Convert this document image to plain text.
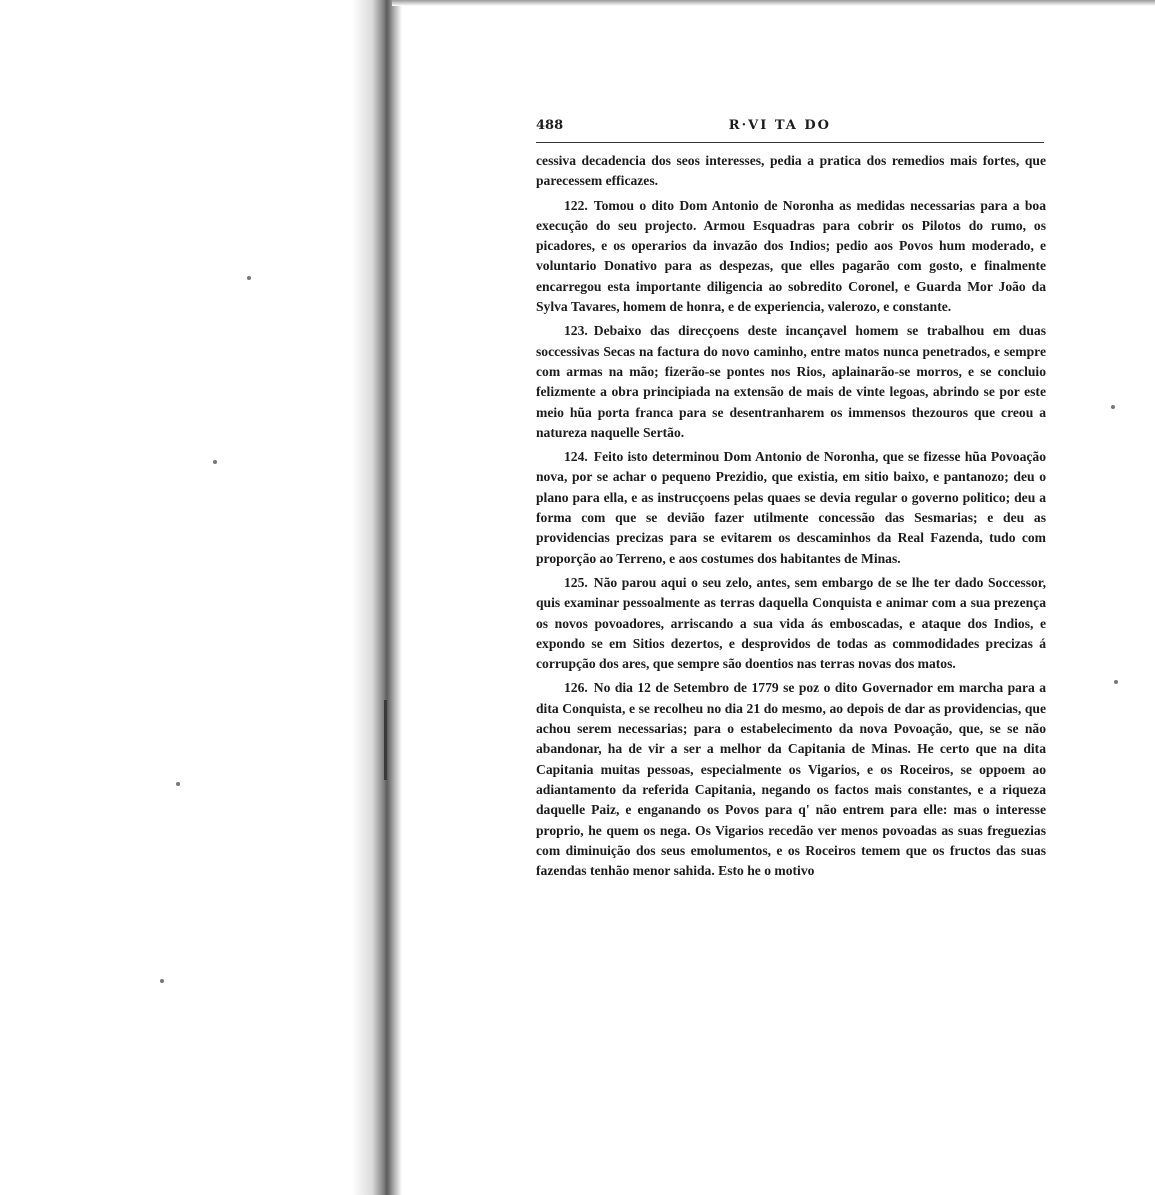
488	R·VI TA DO

cessiva decadencia dos seos interesses, pedia a pratica dos remedios mais fortes, que parecessem efficazes.

122. Tomou o dito Dom Antonio de Noronha as medidas necessarias para a boa execução do seu projecto. Armou Esquadras para cobrir os Pilotos do rumo, os picadores, e os operarios da invazão dos Indios; pedio aos Povos hum moderado, e voluntario Donativo para as despezas, que elles pagarão com gosto, e finalmente encarregou esta importante diligencia ao sobredito Coronel, e Guarda Mor João da Sylva Tavares, homem de honra, e de experiencia, valerozo, e constante.

123. Debaixo das direcçoens deste incançavel homem se trabalhou em duas soccessivas Secas na factura do novo caminho, entre matos nunca penetrados, e sempre com armas na mão; fizerão-se pontes nos Rios, aplainarão-se morros, e se concluio felizmente a obra principiada na extensão de mais de vinte legoas, abrindo se por este meio hũa porta franca para se desentranharem os immensos thezouros que creou a natureza naquelle Sertão.

124. Feito isto determinou Dom Antonio de Noronha, que se fizesse hũa Povoação nova, por se achar o pequeno Prezidio, que existia, em sitio baixo, e pantanozo; deu o plano para ella, e as instrucçoens pelas quaes se devia regular o governo politico; deu a forma com que se devião fazer utilmente concessão das Sesmarias; e deu as providencias precizas para se evitarem os descaminhos da Real Fazenda, tudo com proporção ao Terreno, e aos costumes dos habitantes de Minas.

125. Não parou aqui o seu zelo, antes, sem embargo de se lhe ter dado Soccessor, quis examinar pessoalmente as terras daquella Conquista e animar com a sua prezença os novos povoadores, arriscando a sua vida ás emboscadas, e ataque dos Indios, e expondo se em Sitios dezertos, e desprovidos de todas as commodidades precizas á corrupção dos ares, que sempre são doentios nas terras novas dos matos.

126. No dia 12 de Setembro de 1779 se poz o dito Governador em marcha para a dita Conquista, e se recolheu no dia 21 do mesmo, ao depois de dar as providencias, que achou serem necessarias; para o estabelecimento da nova Povoação, que, se se não abandonar, ha de vir a ser a melhor da Capitania de Minas. He certo que na dita Capitania muitas pessoas, especialmente os Vigarios, e os Roceiros, se oppoem ao adiantamento da referida Capitania, negando os factos mais constantes, e a riqueza daquelle Paiz, e enganando os Povos para q' não entrem para elle: mas o interesse proprio, he quem os nega. Os Vigarios recedão ver menos povoadas as suas freguezias com diminuição dos seus emolumentos, e os Roceiros temem que os fructos das suas fazendas tenhão menor sahida. Esto he o motivo
